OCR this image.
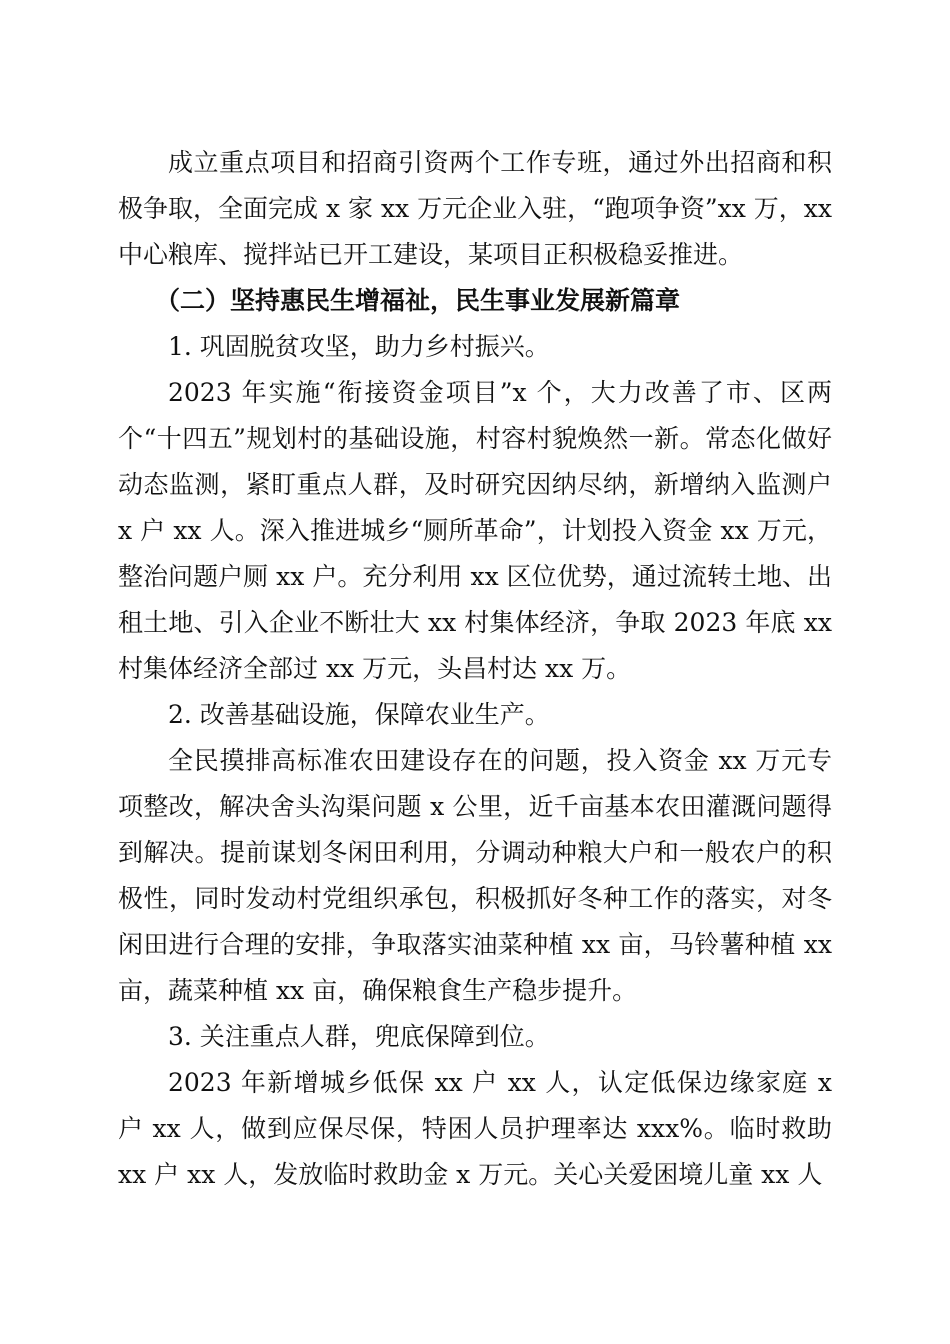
成立重点项目和招商引资两个工作专班，通过外出招商和积极争取，全面完成 x 家 xx 万元企业入驻，“跑项争资”xx 万，xx 中心粮库、搅拌站已开工建设，某项目正积极稳妥推进。

（二）坚持惠民生增福祉，民生事业发展新篇章

1. 巩固脱贫攻坚，助力乡村振兴。

2023 年实施“衔接资金项目”x 个，大力改善了市、区两个“十四五”规划村的基础设施，村容村貌焕然一新。常态化做好动态监测，紧盯重点人群，及时研究因纳尽纳，新增纳入监测户 x 户 xx 人。深入推进城乡“厕所革命”，计划投入资金 xx 万元，整治问题户厕 xx 户。充分利用 xx 区位优势，通过流转土地、出租土地、引入企业不断壮大 xx 村集体经济，争取 2023 年底 xx 村集体经济全部过 xx 万元，头昌村达 xx 万。

2. 改善基础设施，保障农业生产。

全民摸排高标准农田建设存在的问题，投入资金 xx 万元专项整改，解决舍头沟渠问题 x 公里，近千亩基本农田灌溉问题得到解决。提前谋划冬闲田利用，分调动种粮大户和一般农户的积极性，同时发动村党组织承包，积极抓好冬种工作的落实，对冬闲田进行合理的安排，争取落实油菜种植 xx 亩，马铃薯种植 xx 亩，蔬菜种植 xx 亩，确保粮食生产稳步提升。

3. 关注重点人群，兜底保障到位。

2023 年新增城乡低保 xx 户 xx 人，认定低保边缘家庭 x 户 xx 人，做到应保尽保，特困人员护理率达 xxx%。临时救助 xx 户 xx 人，发放临时救助金 x 万元。关心关爱困境儿童 xx 人
